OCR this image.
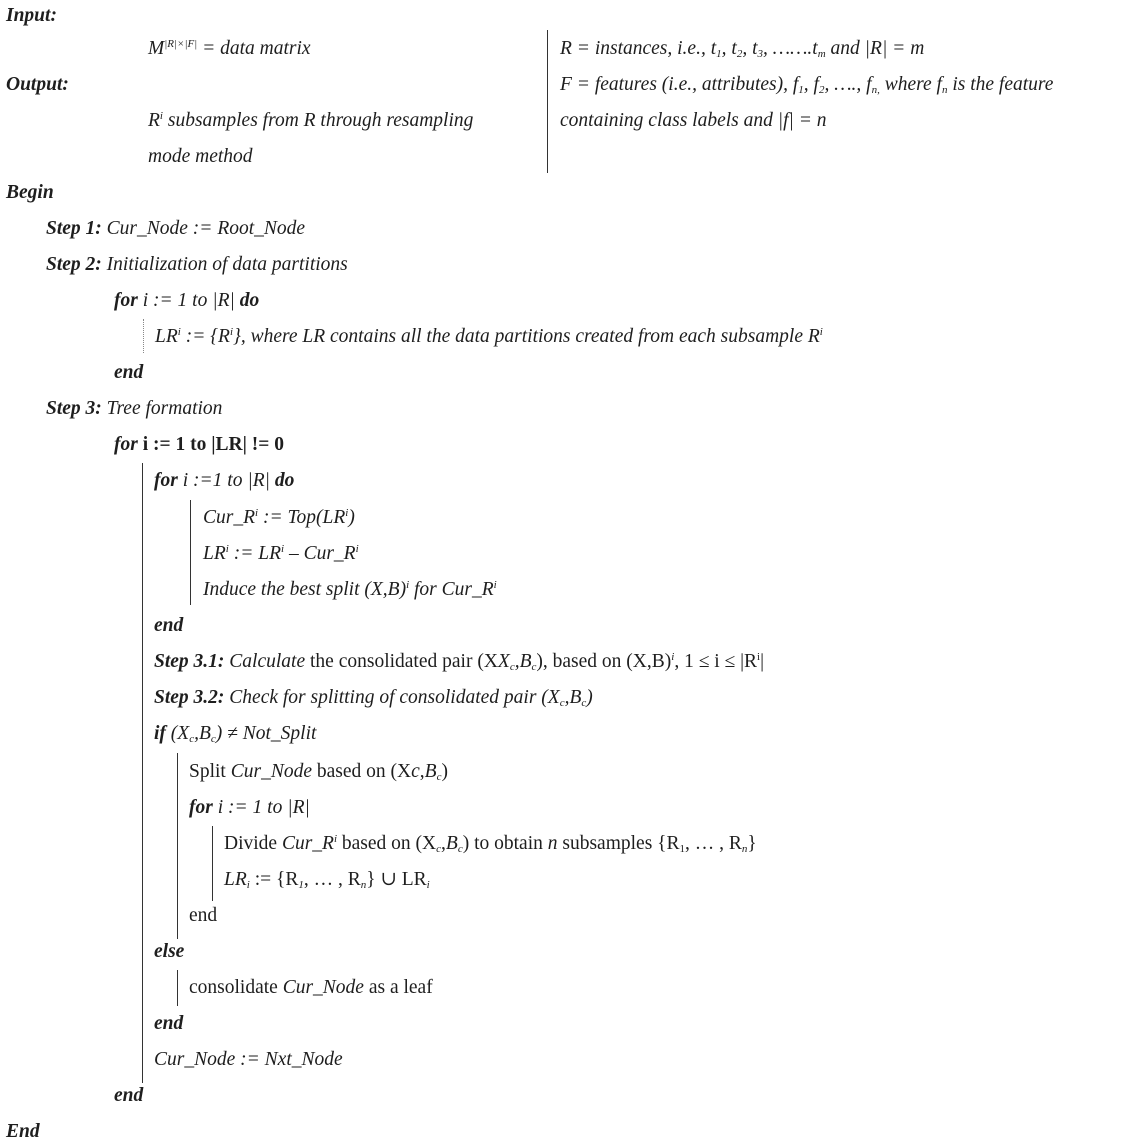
Input:
$M^{|R|\times|F|}$ = data matrix
Output:
$R^i$ subsamples from R through resampling
mode method
R = instances, i.e., $t_1$, $t_2$, $t_3$, $\dots\dots.t_m$ and |R| = m
F = features (i.e., attributes), $f_1$, $f_2$, …., $f_{n,}$ where $f_n$ is the feature
containing class labels and |f| = n
Begin
Step 1: Cur_Node := Root_Node
Step 2: Initialization of data partitions
for i := 1 to |R| do
$LR^i$ := $\{R^i\}$, where LR contains all the data partitions created from each subsample $R^i$
end
Step 3: Tree formation
for i := 1 to |LR| != 0
for i :=1 to |R| do
$Cur\_R^i$ := $Top(LR^i)$
$LR^i$ := $LR^i$ – $Cur\_R^i$
Induce the best split $(X,B)^i$ for $Cur\_R^i$
end
Step 3.1: Calculate the consolidated pair $(XX_c,B_c)$, based on $(X,B)^i$, $1 \le i \le |R^i|$
Step 3.2: Check for splitting of consolidated pair $(X_c,B_c)$
if $(X_c,B_c)$ ≠ Not_Split
Split Cur_Node based on $(Xc,B_c)$
for i := 1 to |R|
Divide $Cur\_R^i$ based on $(X_c,B_c)$ to obtain n subsamples {$R_1$, … , $R_n$}
$LR_i$ := {$R_1$, … , $R_n$} ∪ $LR_i$
end
else
consolidate Cur_Node as a leaf
end
Cur_Node := Nxt_Node
end
End
